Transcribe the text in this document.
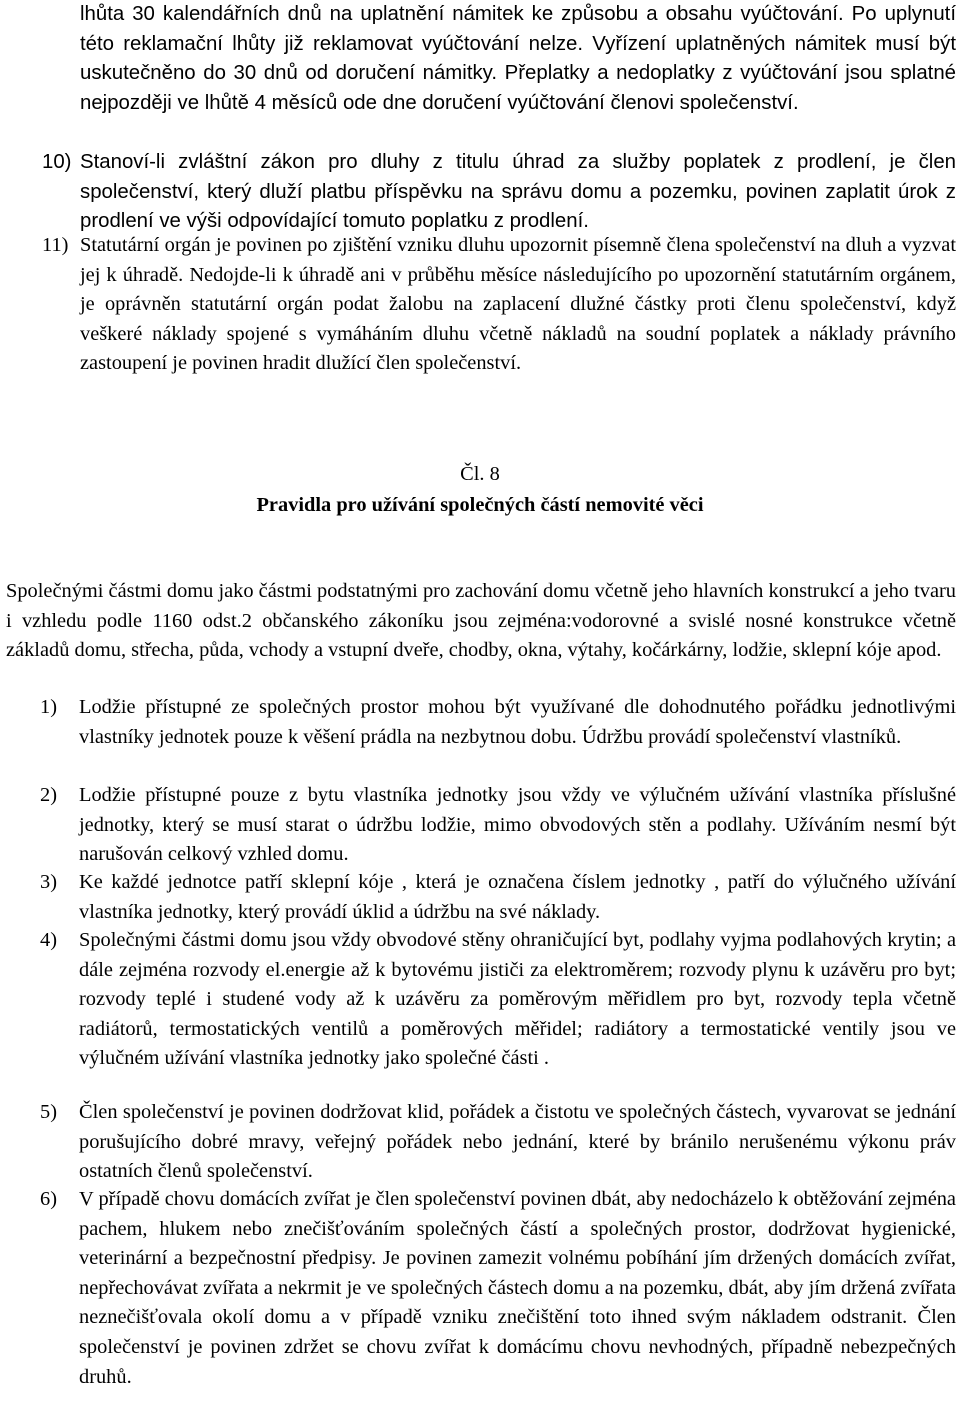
lhůta 30 kalendářních dnů na uplatnění námitek ke způsobu a obsahu vyúčtování. Po uplynutí této reklamační lhůty již reklamovat vyúčtování nelze. Vyřízení uplatněných námitek musí být uskutečněno do 30 dnů od doručení námitky. Přeplatky a nedoplatky z vyúčtování jsou splatné nejpozději ve lhůtě 4 měsíců ode dne doručení vyúčtování členovi společenství.
10) Stanoví-li zvláštní zákon pro dluhy z titulu úhrad za služby poplatek z prodlení, je člen společenství, který dluží platbu příspěvku na správu domu a pozemku, povinen zaplatit úrok z prodlení ve výši odpovídající tomuto poplatku z prodlení.
11) Statutární orgán je povinen po zjištění vzniku dluhu upozornit písemně člena společenství na dluh a vyzvat jej k úhradě. Nedojde-li k úhradě ani v průběhu měsíce následujícího po upozornění statutárním orgánem, je oprávněn statutární orgán podat žalobu na zaplacení dlužné částky proti členu společenství, když veškeré náklady spojené s vymáháním dluhu včetně nákladů na soudní poplatek a náklady právního zastoupení je povinen hradit dlužící člen společenství.
Čl. 8
Pravidla pro užívání společných částí nemovité věci
Společnými částmi domu jako částmi podstatnými pro zachování domu včetně jeho hlavních konstrukcí a jeho tvaru i vzhledu podle 1160 odst.2 občanského zákoníku jsou zejména:vodorovné a svislé nosné konstrukce včetně základů domu, střecha, půda, vchody a vstupní dveře, chodby, okna, výtahy, kočárkárny, lodžie, sklepní kóje apod.
1) Lodžie přístupné ze společných prostor mohou být využívané dle dohodnutého pořádku jednotlivými vlastníky jednotek pouze k věšení prádla na nezbytnou dobu. Údržbu provádí společenství vlastníků.
2) Lodžie přístupné pouze z bytu vlastníka jednotky jsou vždy ve výlučném užívání vlastníka příslušné jednotky, který se musí starat o údržbu lodžie, mimo obvodových stěn a podlahy. Užíváním nesmí být narušován celkový vzhled domu.
3) Ke každé jednotce patří sklepní kóje , která je označena číslem jednotky , patří do výlučného užívání vlastníka jednotky, který provádí úklid a údržbu na své náklady.
4) Společnými částmi domu jsou vždy obvodové stěny ohraničující byt, podlahy vyjma podlahových krytin; a dále zejména rozvody el.energie až k bytovému jističi za elektroměrem; rozvody plynu k uzávěru pro byt; rozvody teplé i studené vody až k uzávěru za poměrovým měřidlem pro byt, rozvody tepla včetně radiátorů, termostatických ventilů a poměrových měřidel; radiátory a termostatické ventily jsou ve výlučném užívání vlastníka jednotky jako společné části .
5) Člen společenství je povinen dodržovat klid, pořádek a čistotu ve společných částech, vyvarovat se jednání porušujícího dobré mravy, veřejný pořádek nebo jednání, které by bránilo nerušenému výkonu práv ostatních členů společenství.
6) V případě chovu domácích zvířat je člen společenství povinen dbát, aby nedocházelo k obtěžování zejména pachem, hlukem nebo znečišťováním společných částí a společných prostor, dodržovat hygienické, veterinární a bezpečnostní předpisy. Je povinen zamezit volnému pobíhání jím držených domácích zvířat, nepřechovávat zvířata a nekrmit je ve společných částech domu a na pozemku, dbát, aby jím držená zvířata neznečišťovala okolí domu a v případě vzniku znečištění toto ihned svým nákladem odstranit. Člen společenství je povinen zdržet se chovu zvířat k domácímu chovu nevhodných, případně nebezpečných druhů.
